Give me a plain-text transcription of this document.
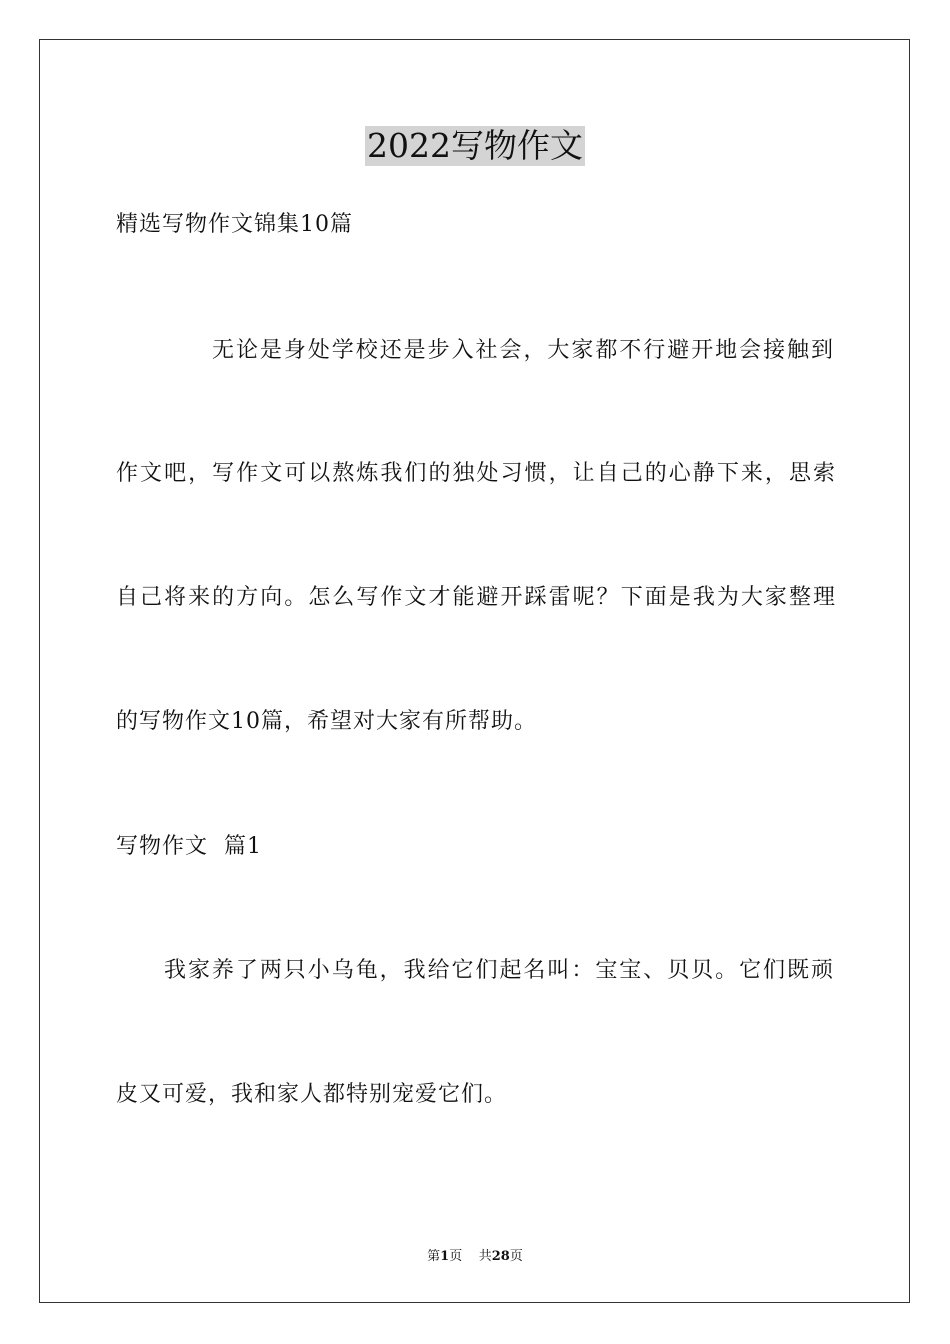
2022写物作文
精选写物作文锦集10篇
无论是身处学校还是步入社会，大家都不行避开地会接触到
作文吧，写作文可以熬炼我们的独处习惯，让自己的心静下来，思索
自己将来的方向。怎么写作文才能避开踩雷呢？下面是我为大家整理
的写物作文10篇，希望对大家有所帮助。
写物作文  篇1
我家养了两只小乌龟，我给它们起名叫：宝宝、贝贝。它们既顽
皮又可爱，我和家人都特别宠爱它们。
第1页 共28页
